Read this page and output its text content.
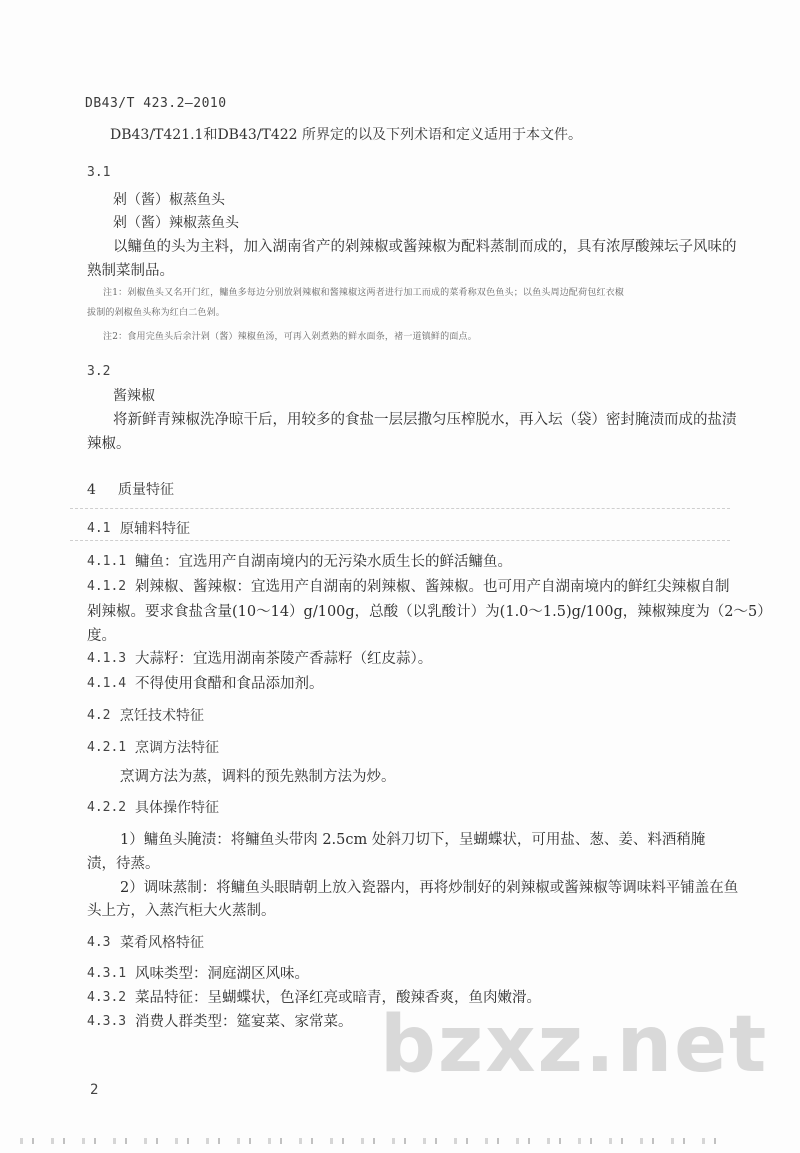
DB43/T 423.2—2010
DB43/T421.1和DB43/T422 所界定的以及下列术语和定义适用于本文件。
3.1
剁（酱）椒蒸鱼头
剁（酱）辣椒蒸鱼头
以鳙鱼的头为主料，加入湖南省产的剁辣椒或酱辣椒为配料蒸制而成的，具有浓厚酸辣坛子风味的
熟制菜制品。
注1：剁椒鱼头又名开门红，鳙鱼多每边分别放剁辣椒和酱辣椒这两者进行加工而成的菜肴称双色鱼头；以鱼头周边配荷包红衣椒
拔制的剁椒鱼头称为红白二色剁。
注2：食用完鱼头后余汁剁（酱）辣椒鱼汤，可再入剁煮熟的鲜水面条，褚一道镇鲜的面点。
3.2
酱辣椒
将新鲜青辣椒洗净晾干后，用较多的食盐一层层撒匀压榨脱水，再入坛（袋）密封腌渍而成的盐渍
辣椒。
4 质量特征
4.1 原辅料特征
4.1.1 鳙鱼：宜选用产自湖南境内的无污染水质生长的鲜活鳙鱼。
4.1.2 剁辣椒、酱辣椒：宜选用产自湖南的剁辣椒、酱辣椒。也可用产自湖南境内的鲜红尖辣椒自制
剁辣椒。要求食盐含量(10～14）g/100g，总酸（以乳酸计）为(1.0～1.5)g/100g，辣椒辣度为（2～5）
度。
4.1.3 大蒜籽：宜选用湖南茶陵产香蒜籽（红皮蒜）。
4.1.4 不得使用食醋和食品添加剂。
4.2 烹饪技术特征
4.2.1 烹调方法特征
烹调方法为蒸，调料的预先熟制方法为炒。
4.2.2 具体操作特征
1）鳙鱼头腌渍：将鳙鱼头带肉 2.5cm 处斜刀切下，呈蝴蝶状，可用盐、葱、姜、料酒稍腌
渍，待蒸。
2）调味蒸制：将鳙鱼头眼睛朝上放入瓷器内，再将炒制好的剁辣椒或酱辣椒等调味料平铺盖在鱼
头上方，入蒸汽柜大火蒸制。
4.3 菜肴风格特征
4.3.1 风味类型：洞庭湖区风味。
4.3.2 菜品特征：呈蝴蝶状，色泽红亮或暗青，酸辣香爽，鱼肉嫩滑。
4.3.3 消费人群类型：筵宴菜、家常菜。 bzxz.net
2
